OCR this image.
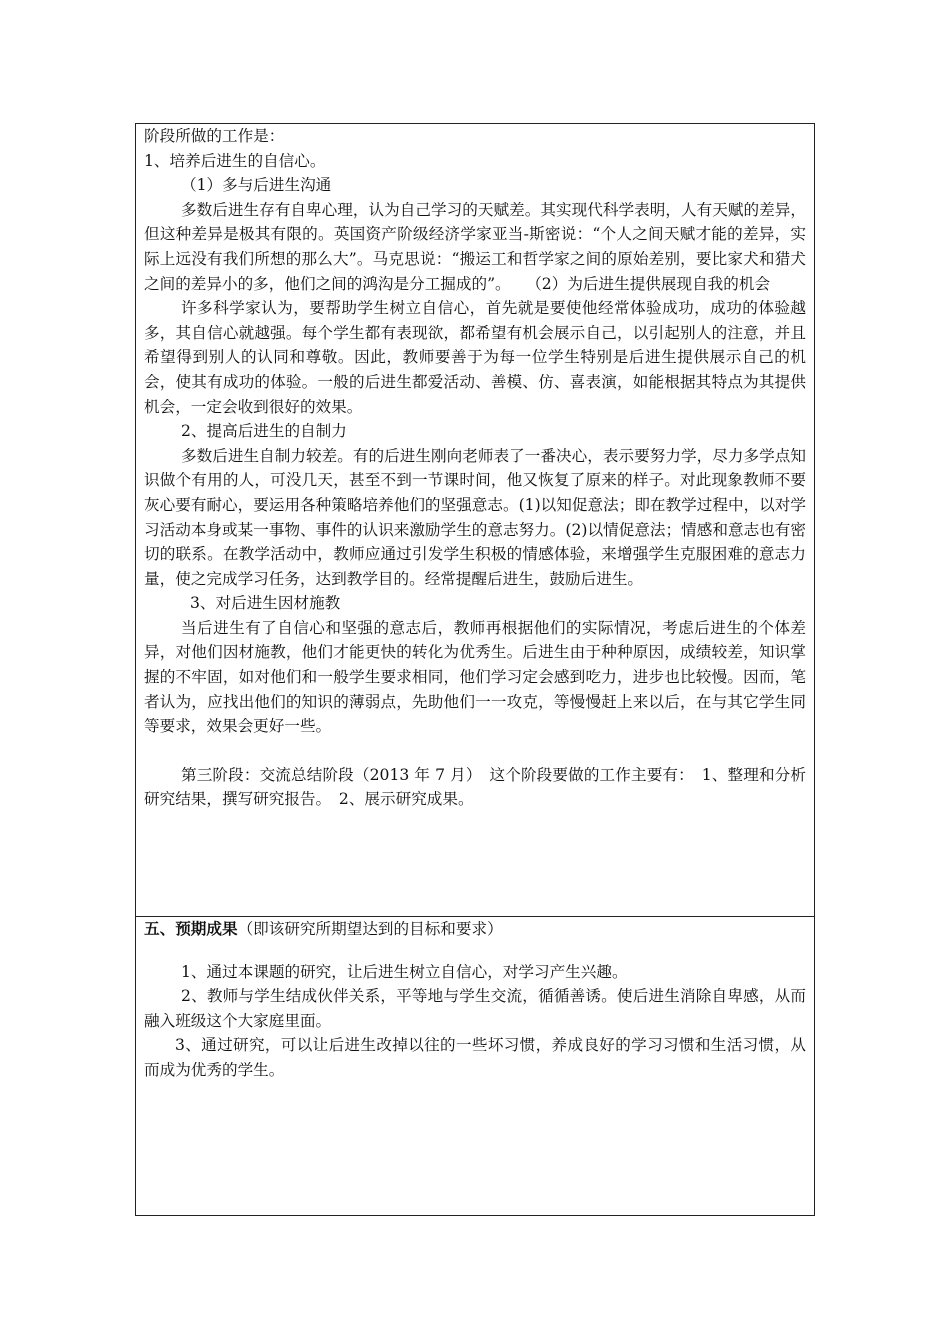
阶段所做的工作是：

1、培养后进生的自信心。

（1）多与后进生沟通

多数后进生存有自卑心理，认为自己学习的天赋差。其实现代科学表明，人有天赋的差异，但这种差异是极其有限的。英国资产阶级经济学家亚当-斯密说：“个人之间天赋才能的差异，实际上远没有我们所想的那么大”。马克思说：“搬运工和哲学家之间的原始差别，要比家犬和猎犬之间的差异小的多，他们之间的鸿沟是分工掘成的”。　　（2）为后进生提供展现自我的机会

许多科学家认为，要帮助学生树立自信心，首先就是要使他经常体验成功，成功的体验越多，其自信心就越强。每个学生都有表现欲，都希望有机会展示自己，以引起别人的注意，并且希望得到别人的认同和尊敬。因此，教师要善于为每一位学生特别是后进生提供展示自己的机会，使其有成功的体验。一般的后进生都爱活动、善模、仿、喜表演，如能根据其特点为其提供机会，一定会收到很好的效果。

2、提高后进生的自制力

多数后进生自制力较差。有的后进生刚向老师表了一番决心，表示要努力学，尽力多学点知识做个有用的人，可没几天，甚至不到一节课时间，他又恢复了原来的样子。对此现象教师不要灰心要有耐心，要运用各种策略培养他们的坚强意志。(1)以知促意法；即在教学过程中，以对学习活动本身或某一事物、事件的认识来激励学生的意志努力。(2)以情促意法；情感和意志也有密切的联系。在教学活动中，教师应通过引发学生积极的情感体验，来增强学生克服困难的意志力量，使之完成学习任务，达到教学目的。经常提醒后进生，鼓励后进生。

3、对后进生因材施教

当后进生有了自信心和坚强的意志后，教师再根据他们的实际情况，考虑后进生的个体差异，对他们因材施教，他们才能更快的转化为优秀生。后进生由于种种原因，成绩较差，知识掌握的不牢固，如对他们和一般学生要求相同，他们学习定会感到吃力，进步也比较慢。因而，笔者认为，应找出他们的知识的薄弱点，先助他们一一攻克，等慢慢赶上来以后，在与其它学生同等要求，效果会更好一些。

第三阶段：交流总结阶段（2013 年 7 月）　这个阶段要做的工作主要有：　1、整理和分析研究结果，撰写研究报告。　2、展示研究成果。

五、预期成果（即该研究所期望达到的目标和要求）

1、通过本课题的研究，让后进生树立自信心，对学习产生兴趣。

2、教师与学生结成伙伴关系，平等地与学生交流，循循善诱。使后进生消除自卑感，从而融入班级这个大家庭里面。

3、通过研究，可以让后进生改掉以往的一些坏习惯，养成良好的学习习惯和生活习惯，从而成为优秀的学生。
